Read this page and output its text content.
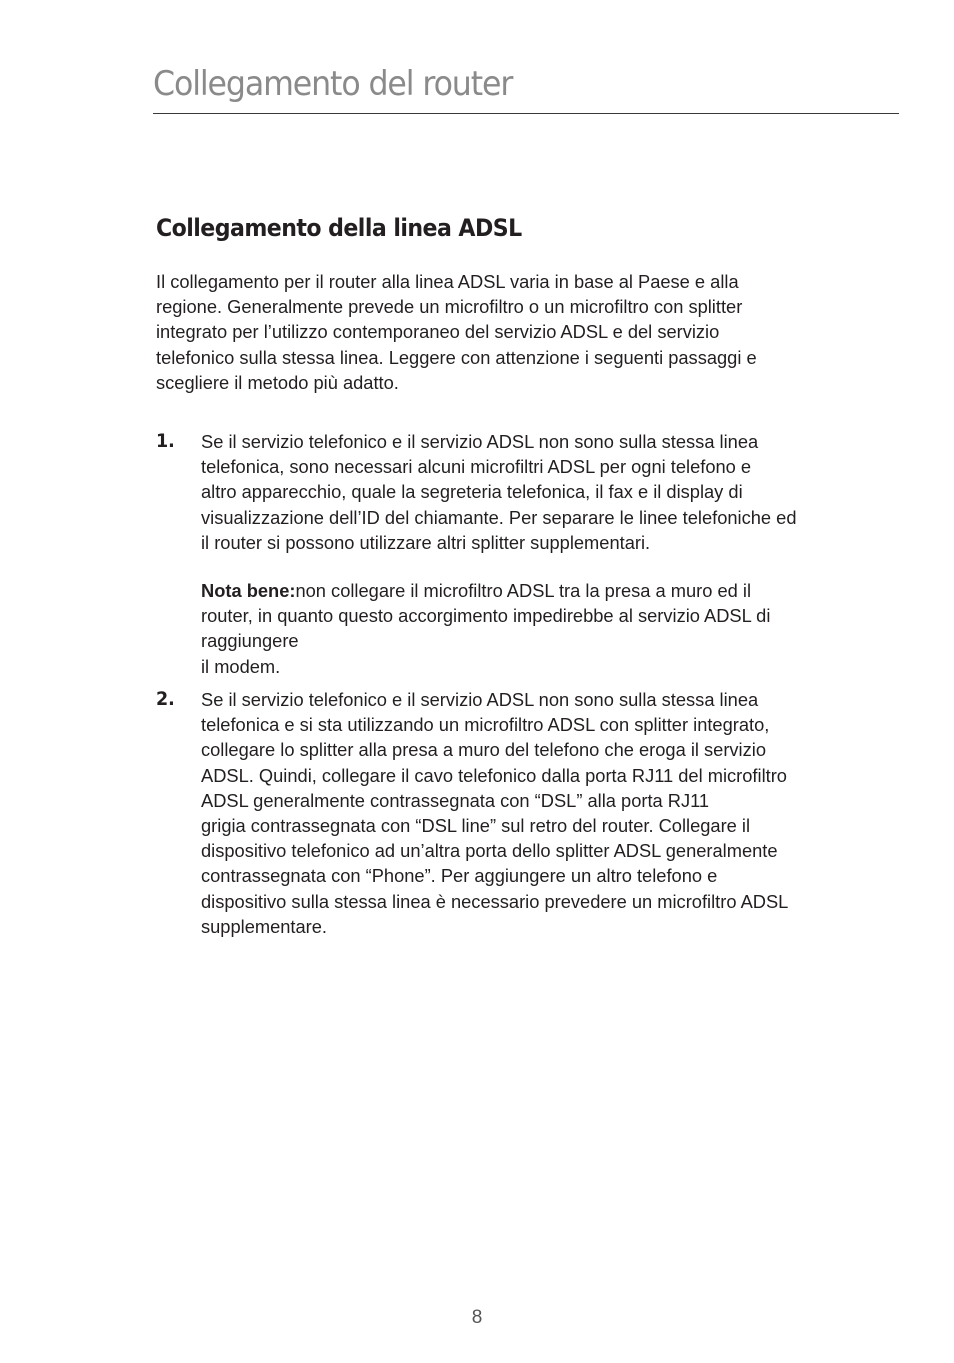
Collegamento del router
Collegamento della linea ADSL

Il collegamento per il router alla linea ADSL varia in base al Paese e alla
regione. Generalmente prevede un microfiltro o un microfiltro con splitter
integrato per l’utilizzo contemporaneo del servizio ADSL e del servizio
telefonico sulla stessa linea. Leggere con attenzione i seguenti passaggi e
scegliere il metodo più adatto.

1. Se il servizio telefonico e il servizio ADSL non sono sulla stessa linea
telefonica, sono necessari alcuni microfiltri ADSL per ogni telefono e
altro apparecchio, quale la segreteria telefonica, il fax e il display di
visualizzazione dell’ID del chiamante. Per separare le linee telefoniche ed
il router si possono utilizzare altri splitter supplementari.

Nota bene:non collegare il microfiltro ADSL tra la presa a muro ed il
router, in quanto questo accorgimento impedirebbe al servizio ADSL di
raggiungere
il modem.

2. Se il servizio telefonico e il servizio ADSL non sono sulla stessa linea
telefonica e si sta utilizzando un microfiltro ADSL con splitter integrato,
collegare lo splitter alla presa a muro del telefono che eroga il servizio
ADSL. Quindi, collegare il cavo telefonico dalla porta RJ11 del microfiltro
ADSL generalmente contrassegnata con “DSL” alla porta RJ11
grigia contrassegnata con “DSL line” sul retro del router. Collegare il
dispositivo telefonico ad un’altra porta dello splitter ADSL generalmente
contrassegnata con “Phone”. Per aggiungere un altro telefono e
dispositivo sulla stessa linea è necessario prevedere un microfiltro ADSL
supplementare.

8
